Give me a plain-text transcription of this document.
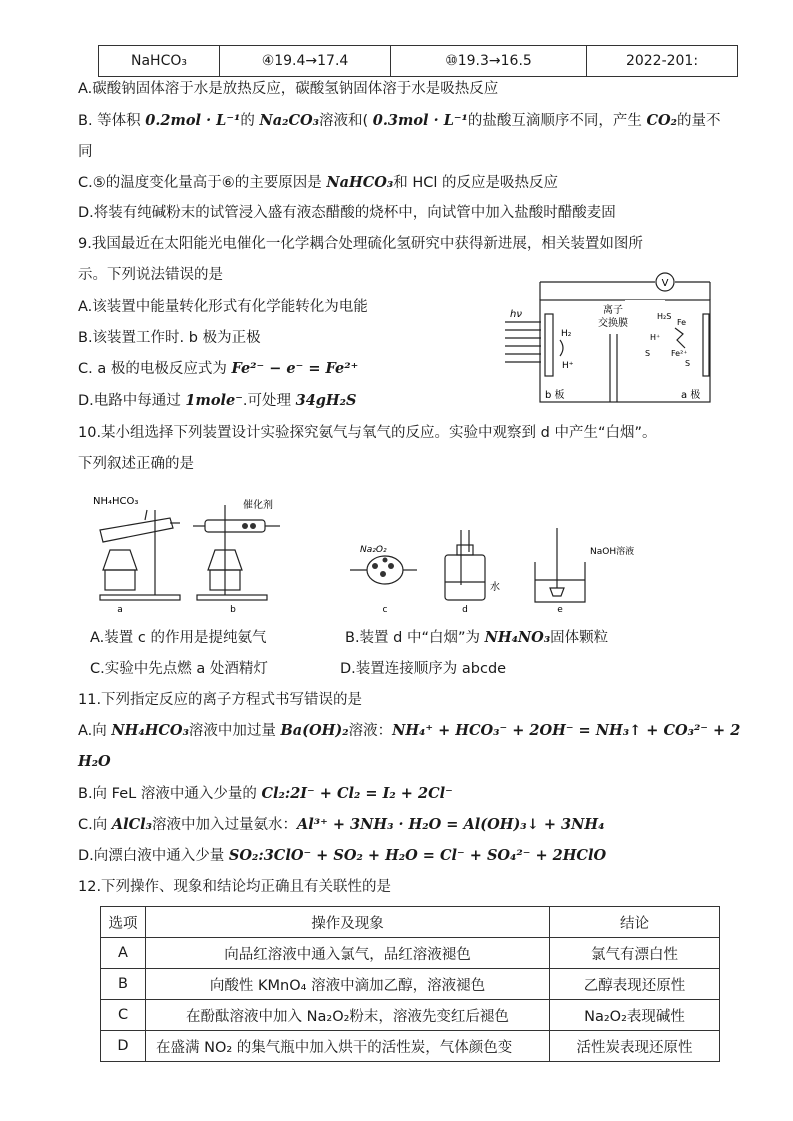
NaHCO₃	④19.4→17.4	⑩19.3→16.5	2022-201:
A.碳酸钠固体溶于水是放热反应，碳酸氢钠固体溶于水是吸热反应
B. 等体积 0.2mol · L⁻¹的 Na₂CO₃溶液和( 0.3mol · L⁻¹的盐酸互滴顺序不同，产生 CO₂的量不
同
C.⑤的温度变化量高于⑥的主要原因是 NaHCO₃和 HCl 的反应是吸热反应
D.将装有纯碱粉末的试管浸入盛有液态醋酸的烧杯中，向试管中加入盐酸时醋酸麦固
9.我国最近在太阳能光电催化一化学耦合处理硫化氢研究中获得新进展，相关装置如图所
示。下列说法错误的是
A.该装置中能量转化形式有化学能转化为电能
B.该装置工作时. b 极为正极
C. a 极的电极反应式为 Fe²⁻ − e⁻ = Fe²⁺
D.电路中每通过 1mole⁻.可处理 34gH₂S
V
hν	离子
交换膜
H₂
H⁺
b 板	a 极
H₂S
H⁺
S
Fe
Fe²⁺
S
10.某小组选择下列装置设计实验探究氨气与氧气的反应。实验中观察到 d 中产生“白烟”。
下列叙述正确的是
NH₄HCO₃	催化剂
Na₂O₂
水
NaOH溶液
a	b	c	d	e
A.装置 c 的作用是提纯氨气	B.装置 d 中“白烟”为 NH₄NO₃固体颗粒
C.实验中先点燃 a 处酒精灯	D.装置连接顺序为 abcde
11.下列指定反应的离子方程式书写错误的是
A.向 NH₄HCO₃溶液中加过量 Ba(OH)₂溶液：NH₄⁺ + HCO₃⁻ + 2OH⁻ = NH₃↑ + CO₃²⁻ + 2
H₂O
B.向 FeL 溶液中通入少量的 Cl₂:2I⁻ + Cl₂ = I₂ + 2Cl⁻
C.向 AlCl₃溶液中加入过量氨水：Al³⁺ + 3NH₃ · H₂O = Al(OH)₃↓ + 3NH₄
D.向漂白液中通入少量 SO₂:3ClO⁻ + SO₂ + H₂O = Cl⁻ + SO₄²⁻ + 2HClO
12.下列操作、现象和结论均正确且有关联性的是
选项	操作及现象	结论
A	向品红溶液中通入氯气，品红溶液褪色	氯气有漂白性
B	向酸性 KMnO₄ 溶液中滴加乙醇，溶液褪色	乙醇表现还原性
C	在酚酞溶液中加入 Na₂O₂粉末，溶液先变红后褪色	Na₂O₂表现碱性
D	在盛满 NO₂ 的集气瓶中加入烘干的活性炭，气体颜色变	活性炭表现还原性
